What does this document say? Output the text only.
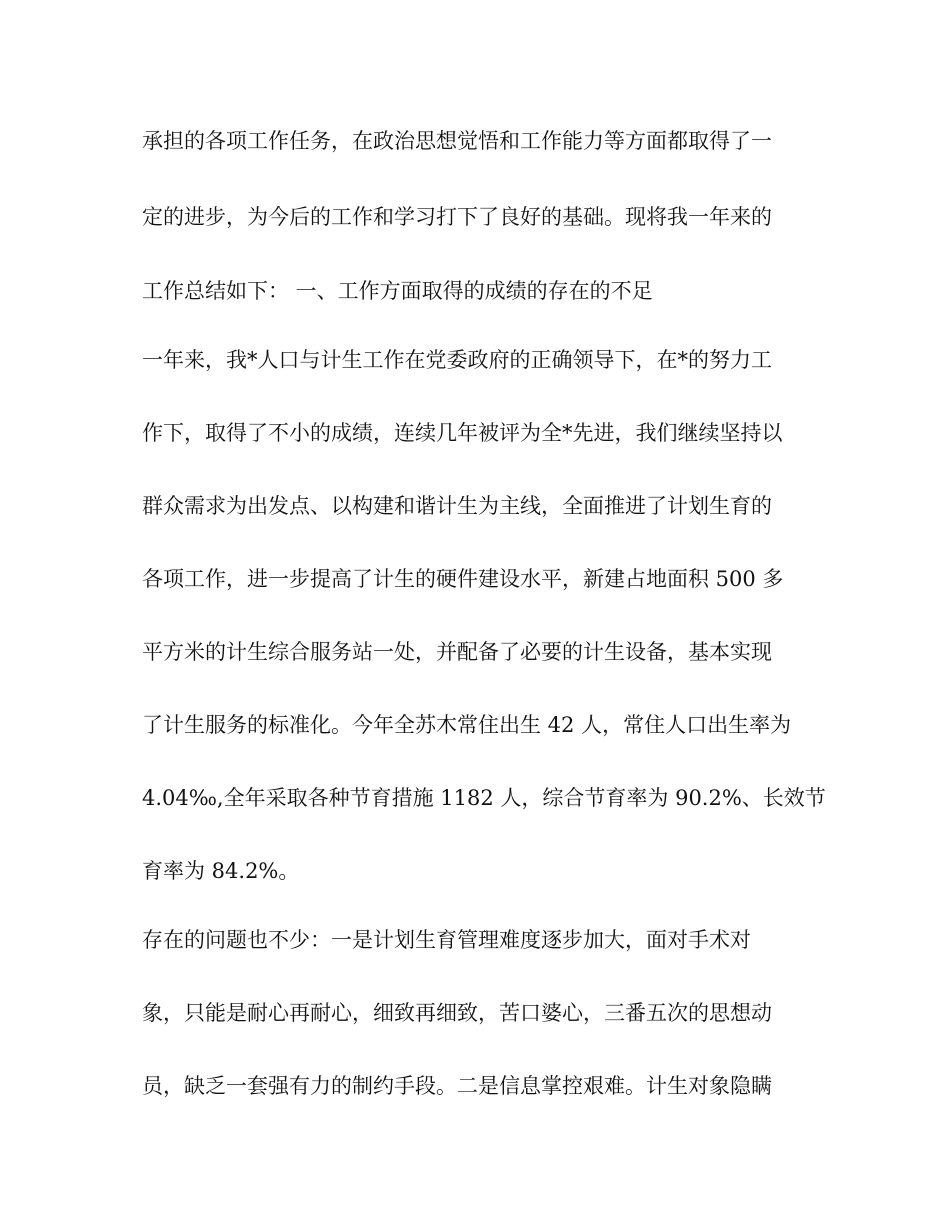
承担的各项工作任务，在政治思想觉悟和工作能力等方面都取得了一

定的进步，为今后的工作和学习打下了良好的基础。现将我一年来的

工作总结如下： 一、工作方面取得的成绩的存在的不足

一年来，我*人口与计生工作在党委政府的正确领导下，在*的努力工

作下，取得了不小的成绩，连续几年被评为全*先进，我们继续坚持以

群众需求为出发点、以构建和谐计生为主线，全面推进了计划生育的

各项工作，进一步提高了计生的硬件建设水平，新建占地面积 500 多

平方米的计生综合服务站一处，并配备了必要的计生设备，基本实现

了计生服务的标准化。今年全苏木常住出生 42 人，常住人口出生率为

4.04‰,全年采取各种节育措施 1182 人，综合节育率为 90.2%、长效节

育率为 84.2%。

存在的问题也不少：一是计划生育管理难度逐步加大，面对手术对

象，只能是耐心再耐心，细致再细致，苦口婆心，三番五次的思想动

员，缺乏一套强有力的制约手段。二是信息掌控艰难。计生对象隐瞒
